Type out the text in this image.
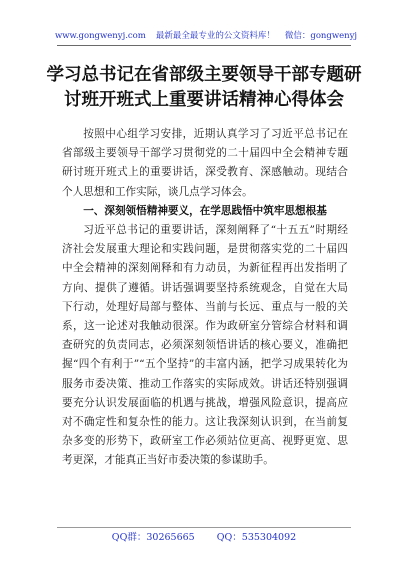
www.gongwenyj.com 最新最全最专业的公文资料库！ 微信：gongwenyj
学习总书记在省部级主要领导干部专题研
讨班开班式上重要讲话精神心得体会

按照中心组学习安排，近期认真学习了习近平总书记在省部级主要领导干部学习贯彻党的二十届四中全会精神专题研讨班开班式上的重要讲话，深受教育、深感触动。现结合个人思想和工作实际，谈几点学习体会。

一、深刻领悟精神要义，在学思践悟中筑牢思想根基

习近平总书记的重要讲话，深刻阐释了“十五五”时期经济社会发展重大理论和实践问题，是贯彻落实党的二十届四中全会精神的深刻阐释和有力动员，为新征程再出发指明了方向、提供了遵循。讲话强调要坚持系统观念，自觉在大局下行动，处理好局部与整体、当前与长远、重点与一般的关系，这一论述对我触动很深。作为政研室分管综合材料和调查研究的负责同志，必须深刻领悟讲话的核心要义，准确把握“四个有利于”“五个坚持”的丰富内涵，把学习成果转化为服务市委决策、推动工作落实的实际成效。讲话还特别强调要充分认识发展面临的机遇与挑战，增强风险意识，提高应对不确定性和复杂性的能力。这让我深刻认识到，在当前复杂多变的形势下，政研室工作必须站位更高、视野更宽、思考更深，才能真正当好市委决策的参谋助手。

QQ群：30265665 QQ：535304092
